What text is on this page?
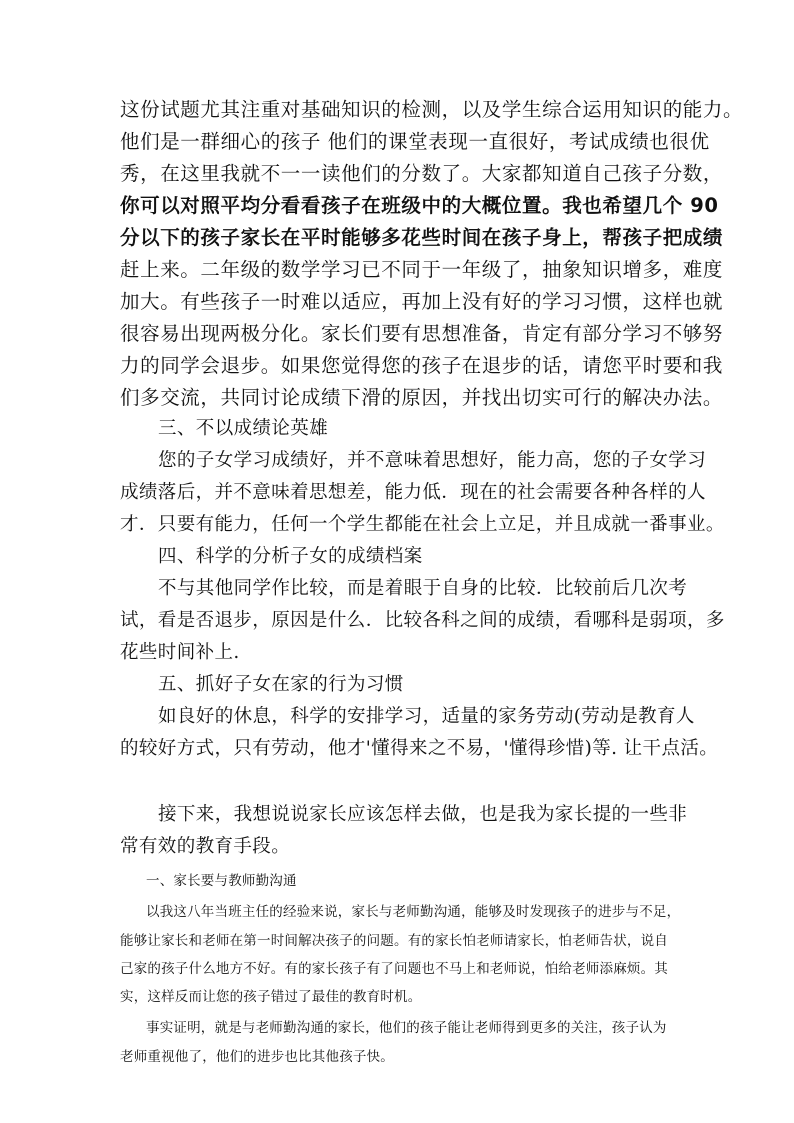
这份试题尤其注重对基础知识的检测，以及学生综合运用知识的能力。
他们是一群细心的孩子 他们的课堂表现一直很好，考试成绩也很优
秀，在这里我就不一一读他们的分数了。大家都知道自己孩子分数，
你可以对照平均分看看孩子在班级中的大概位置。我也希望几个 90
分以下的孩子家长在平时能够多花些时间在孩子身上，帮孩子把成绩
赶上来。二年级的数学学习已不同于一年级了，抽象知识增多，难度
加大。有些孩子一时难以适应，再加上没有好的学习习惯，这样也就
很容易出现两极分化。家长们要有思想准备，肯定有部分学习不够努
力的同学会退步。如果您觉得您的孩子在退步的话，请您平时要和我
们多交流，共同讨论成绩下滑的原因，并找出切实可行的解决办法。
三、不以成绩论英雄
您的子女学习成绩好，并不意味着思想好，能力高，您的子女学习
成绩落后，并不意味着思想差，能力低．现在的社会需要各种各样的人
才．只要有能力，任何一个学生都能在社会上立足，并且成就一番事业。
四、科学的分析子女的成绩档案
不与其他同学作比较，而是着眼于自身的比较．比较前后几次考
试，看是否退步，原因是什么．比较各科之间的成绩，看哪科是弱项，多
花些时间补上.
五、抓好子女在家的行为习惯
如良好的休息，科学的安排学习，适量的家务劳动(劳动是教育人
的较好方式，只有劳动，他才'懂得来之不易，'懂得珍惜)等. 让干点活。
接下来，我想说说家长应该怎样去做，也是我为家长提的一些非
常有效的教育手段。
一、家长要与教师勤沟通
以我这八年当班主任的经验来说，家长与老师勤沟通，能够及时发现孩子的进步与不足，
能够让家长和老师在第一时间解决孩子的问题。有的家长怕老师请家长，怕老师告状，说自
己家的孩子什么地方不好。有的家长孩子有了问题也不马上和老师说，怕给老师添麻烦。其
实，这样反而让您的孩子错过了最佳的教育时机。
事实证明，就是与老师勤沟通的家长，他们的孩子能让老师得到更多的关注，孩子认为
老师重视他了，他们的进步也比其他孩子快。
